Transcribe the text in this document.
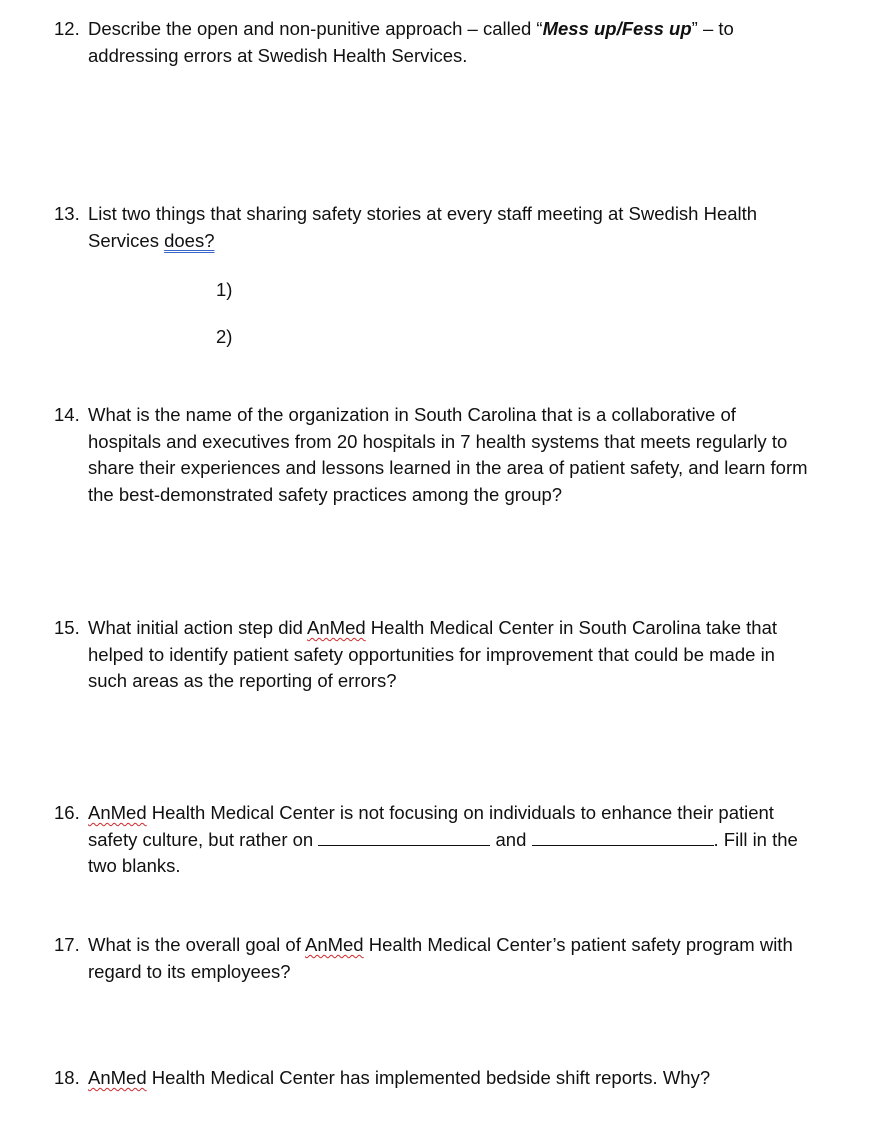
12. Describe the open and non-punitive approach – called “Mess up/Fess up” – to
addressing errors at Swedish Health Services.
13. List two things that sharing safety stories at every staff meeting at Swedish Health
Services does?
1)
2)
14. What is the name of the organization in South Carolina that is a collaborative of
hospitals and executives from 20 hospitals in 7 health systems that meets regularly to
share their experiences and lessons learned in the area of patient safety, and learn form
the best-demonstrated safety practices among the group?
15. What initial action step did AnMed Health Medical Center in South Carolina take that
helped to identify patient safety opportunities for improvement that could be made in
such areas as the reporting of errors?
16. AnMed Health Medical Center is not focusing on individuals to enhance their patient
safety culture, but rather on	and	. Fill in the
two blanks.
17. What is the overall goal of AnMed Health Medical Center’s patient safety program with
regard to its employees?
18. AnMed Health Medical Center has implemented bedside shift reports. Why?
